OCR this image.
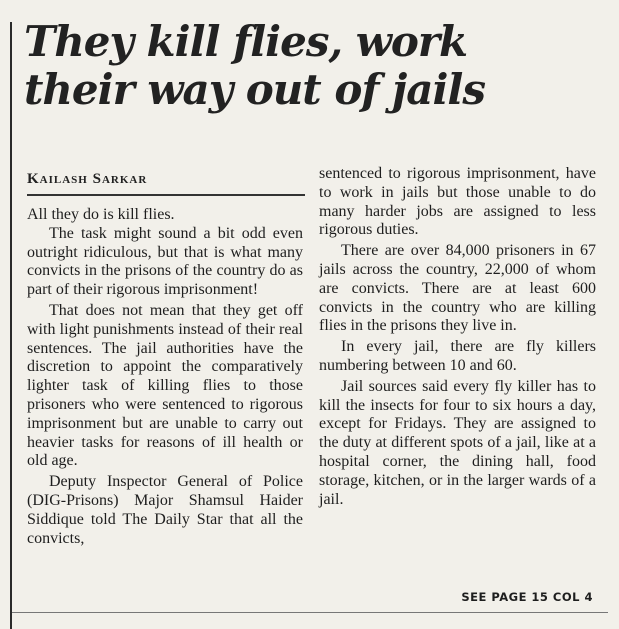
They kill flies, work
their way out of jails

Kailash Sarkar

All they do is kill flies.

The task might sound a bit odd even outright ridiculous, but that is what many convicts in the prisons of the country do as part of their rigorous imprisonment!

That does not mean that they get off with light punishments instead of their real sentences. The jail authorities have the discretion to appoint the comparatively lighter task of killing flies to those prisoners who were sentenced to rigorous imprisonment but are unable to carry out heavier tasks for reasons of ill health or old age.

Deputy Inspector General of Police (DIG-Prisons) Major Shamsul Haider Siddique told The Daily Star that all the convicts,

sentenced to rigorous imprisonment, have to work in jails but those unable to do many harder jobs are assigned to less rigorous duties.

There are over 84,000 prisoners in 67 jails across the country, 22,000 of whom are convicts. There are at least 600 convicts in the country who are killing flies in the prisons they live in.

In every jail, there are fly killers numbering between 10 and 60.

Jail sources said every fly killer has to kill the insects for four to six hours a day, except for Fridays. They are assigned to the duty at different spots of a jail, like at a hospital corner, the dining hall, food storage, kitchen, or in the larger wards of a jail.

SEE PAGE 15 COL 4
